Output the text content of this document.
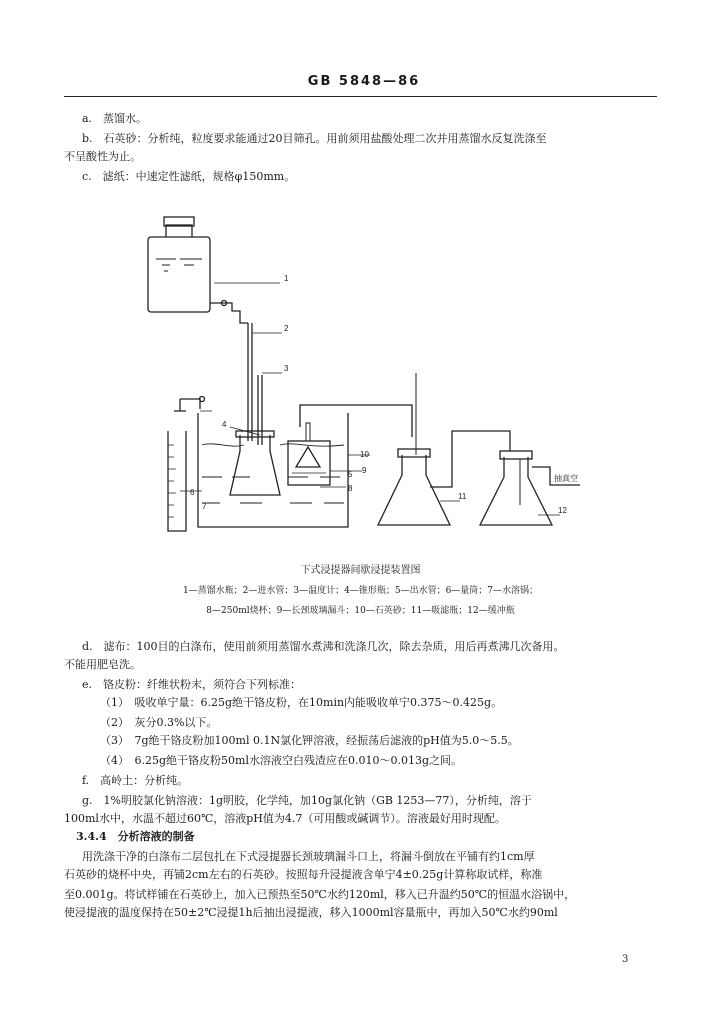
GB 5848—86
a.　蒸馏水。
b.　石英砂：分析纯，粒度要求能通过20目筛孔。用前须用盐酸处理二次并用蒸馏水反复洗涤至
不呈酸性为止。
c.　滤纸：中速定性滤纸，规格φ150mm。
1
2
3
4
5
6
7
8
9
10
11
12
抽真空
下式浸提器间歇浸提装置图
1—蒸馏水瓶；2—进水管；3—温度计；4—锥形瓶；5—出水管；6—量筒；7—水溶锅；
8—250ml烧杯；9—长颈玻璃漏斗；10—石英砂；11—吸滤瓶；12—缓冲瓶
d.　滤布：100目的白涤布，使用前须用蒸馏水煮沸和洗涤几次，除去杂质，用后再煮沸几次备用。
不能用肥皂洗。
e.　铬皮粉：纤维状粉末，须符合下列标准：
（1）　吸收单宁量：6.25g绝干铬皮粉，在10min内能吸收单宁0.375～0.425g。
（2）　灰分0.3%以下。
（3）　7g绝干铬皮粉加100ml 0.1N氯化钾溶液，经振荡后滤液的pH值为5.0～5.5。
（4）　6.25g绝干铬皮粉50ml水溶液空白残渣应在0.010～0.013g之间。
f.　高岭土：分析纯。
g.　1%明胶氯化钠溶液：1g明胶，化学纯，加10g氯化钠（GB 1253—77），分析纯，溶于
100ml水中，水温不超过60℃，溶液pH值为4.7（可用酸或碱调节）。溶液最好用时现配。
3.4.4　分析溶液的制备
用洗涤干净的白涤布二层包扎在下式浸提器长颈玻璃漏斗口上，将漏斗倒放在平铺有约1cm厚
石英砂的烧杯中央，再铺2cm左右的石英砂。按照每升浸提液含单宁4±0.25g计算称取试样，称准
至0.001g。将试样铺在石英砂上，加入已预热至50℃水约120ml，移入已升温约50℃的恒温水浴锅中，
使浸提液的温度保持在50±2℃浸提1h后抽出浸提液，移入1000ml容量瓶中，再加入50℃水约90ml
3
